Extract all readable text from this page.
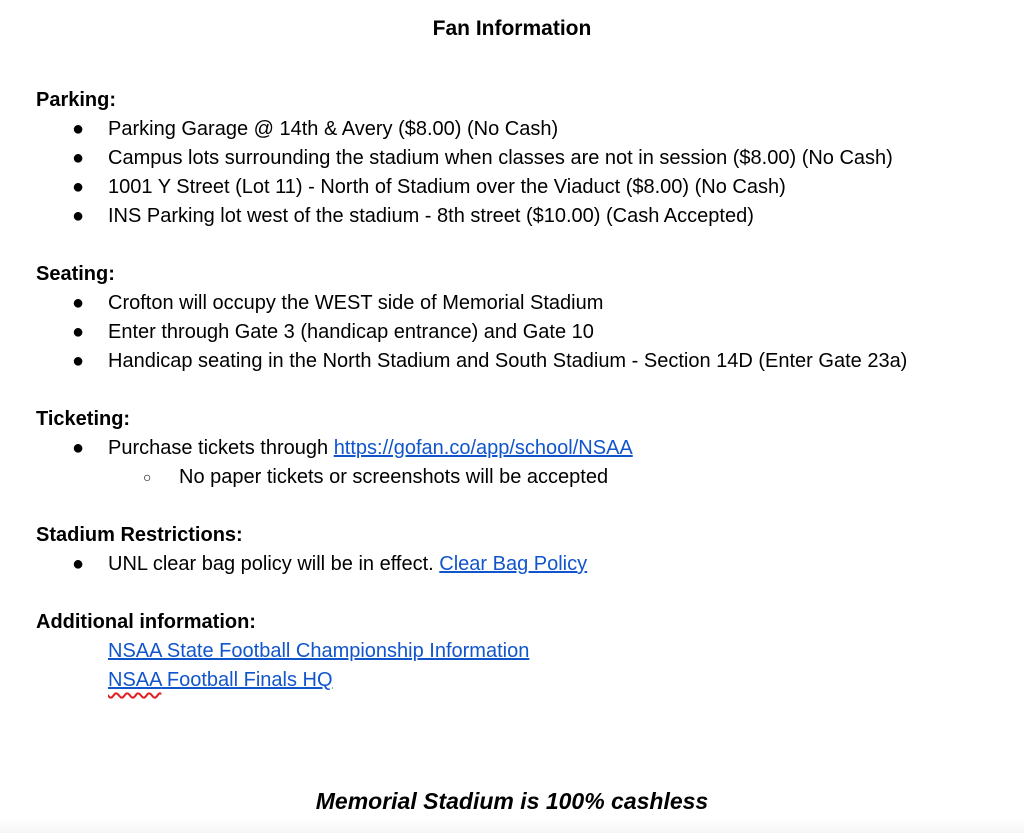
Fan Information
Parking:
● Parking Garage @ 14th & Avery ($8.00) (No Cash)
● Campus lots surrounding the stadium when classes are not in session ($8.00) (No Cash)
● 1001 Y Street (Lot 11) - North of Stadium over the Viaduct ($8.00) (No Cash)
● INS Parking lot west of the stadium - 8th street ($10.00) (Cash Accepted)
Seating:
● Crofton will occupy the WEST side of Memorial Stadium
● Enter through Gate 3 (handicap entrance) and Gate 10
● Handicap seating in the North Stadium and South Stadium - Section 14D (Enter Gate 23a)
Ticketing:
● Purchase tickets through https://gofan.co/app/school/NSAA
○ No paper tickets or screenshots will be accepted
Stadium Restrictions:
● UNL clear bag policy will be in effect. Clear Bag Policy
Additional information:
NSAA State Football Championship Information
NSAA Football Finals HQ
Memorial Stadium is 100% cashless
